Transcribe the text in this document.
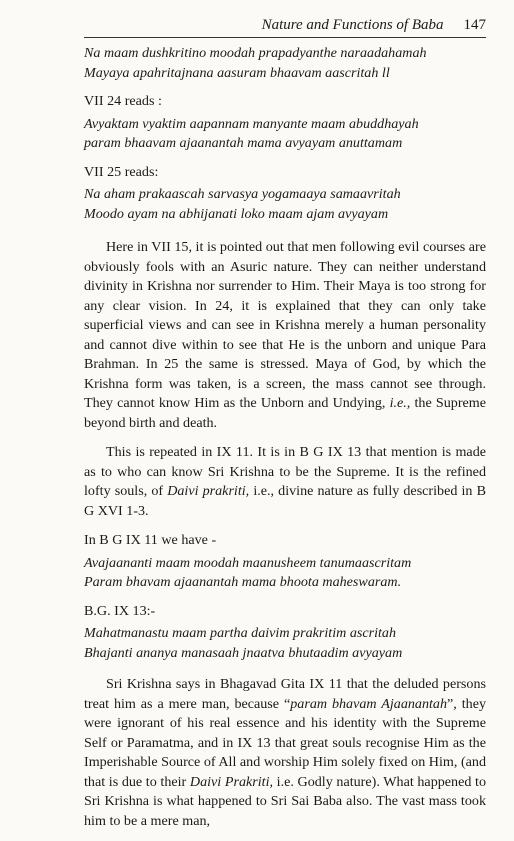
Nature and Functions of Baba 147
Na maam dushkritino moodah prapadyanthe naraadahamah
Mayaya apahritajnana aasuram bhaavam aascritah ll
VII 24 reads :
Avyaktam vyaktim aapannam manyante maam abuddhayah
param bhaavam ajaanantah mama avyayam anuttamam
VII 25 reads:
Na aham prakaascah sarvasya yogamaaya samaavritah
Moodo ayam na abhijanati loko maam ajam avyayam

Here in VII 15, it is pointed out that men following evil courses are obviously fools with an Asuric nature. They can neither understand divinity in Krishna nor surrender to Him. Their Maya is too strong for any clear vision. In 24, it is explained that they can only take superficial views and can see in Krishna merely a human personality and cannot dive within to see that He is the unborn and unique Para Brahman. In 25 the same is stressed. Maya of God, by which the Krishna form was taken, is a screen, the mass cannot see through. They cannot know Him as the Unborn and Undying, i.e., the Supreme beyond birth and death.

This is repeated in IX 11. It is in B G IX 13 that mention is made as to who can know Sri Krishna to be the Supreme. It is the refined lofty souls, of Daivi prakriti, i.e., divine nature as fully described in B G XVI 1-3.

In B G IX 11 we have -
Avajaananti maam moodah maanusheem tanumaascritam
Param bhavam ajaanantah mama bhoota maheswaram.
B.G. IX 13:-
Mahatmanastu maam partha daivim prakritim ascritah
Bhajanti ananya manasaah jnaatva bhutaadim avyayam

Sri Krishna says in Bhagavad Gita IX 11 that the deluded persons treat him as a mere man, because “param bhavam Ajaanantah”, they were ignorant of his real essence and his identity with the Supreme Self or Paramatma, and in IX 13 that great souls recognise Him as the Imperishable Source of All and worship Him solely fixed on Him, (and that is due to their Daivi Prakriti, i.e. Godly nature). What happened to Sri Krishna is what happened to Sri Sai Baba also. The vast mass took him to be a mere man,
